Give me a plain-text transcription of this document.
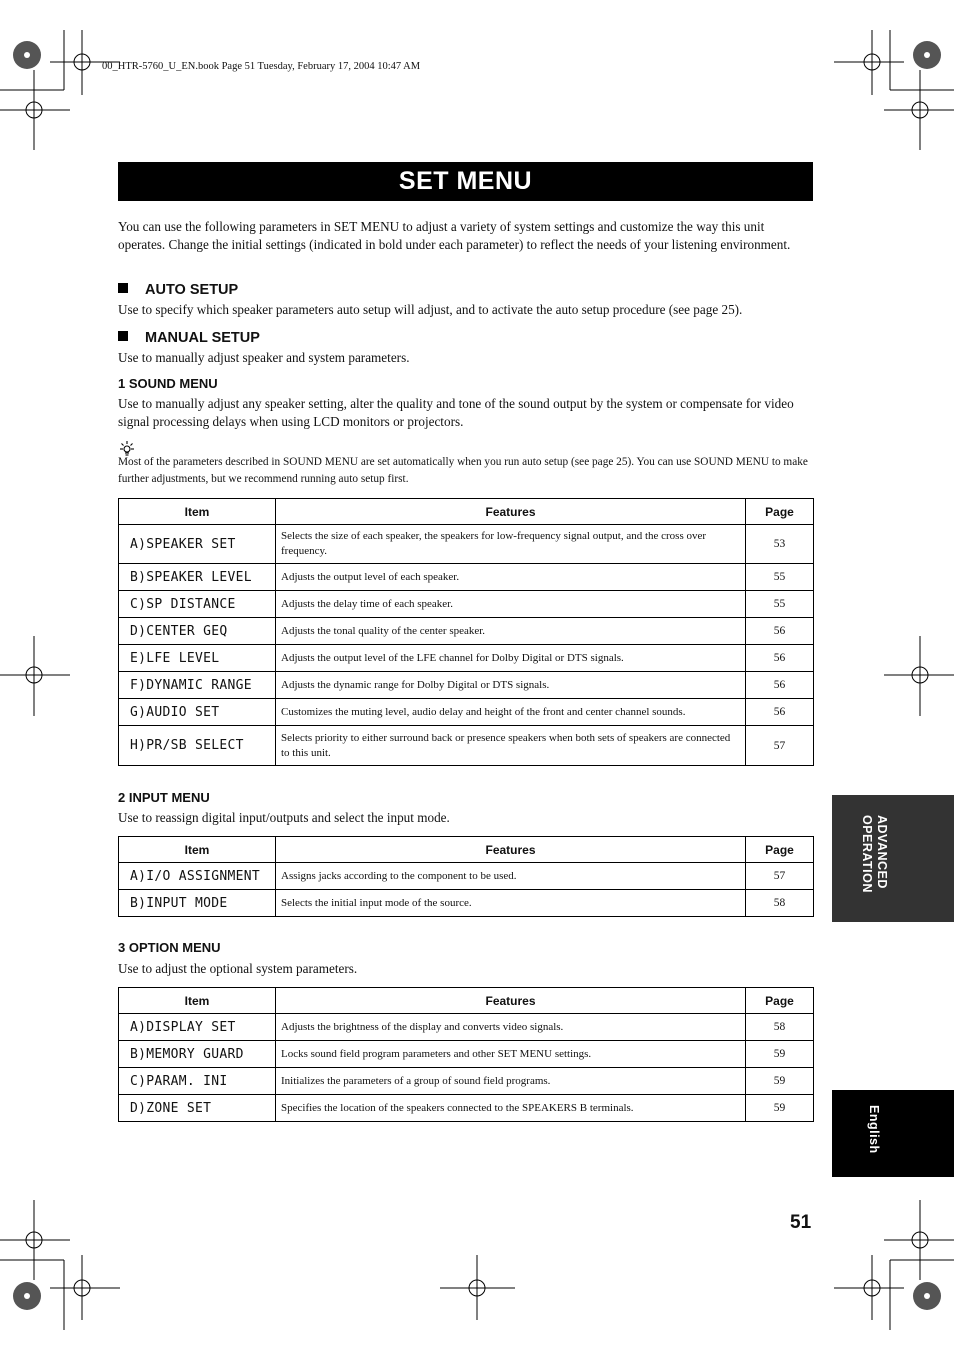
00_HTR-5760_U_EN.book Page 51 Tuesday, February 17, 2004 10:47 AM
SET MENU
You can use the following parameters in SET MENU to adjust a variety of system settings and customize the way this unit operates. Change the initial settings (indicated in bold under each parameter) to reflect the needs of your listening environment.
AUTO SETUP
Use to specify which speaker parameters auto setup will adjust, and to activate the auto setup procedure (see page 25).
MANUAL SETUP
Use to manually adjust speaker and system parameters.
1 SOUND MENU
Use to manually adjust any speaker setting, alter the quality and tone of the sound output by the system or compensate for video signal processing delays when using LCD monitors or projectors.
Most of the parameters described in SOUND MENU are set automatically when you run auto setup (see page 25). You can use SOUND MENU to make further adjustments, but we recommend running auto setup first.
Item	Features	Page
A)SPEAKER SET	Selects the size of each speaker, the speakers for low-frequency signal output, and the cross over frequency.	53
B)SPEAKER LEVEL	Adjusts the output level of each speaker.	55
C)SP DISTANCE	Adjusts the delay time of each speaker.	55
D)CENTER GEQ	Adjusts the tonal quality of the center speaker.	56
E)LFE LEVEL	Adjusts the output level of the LFE channel for Dolby Digital or DTS signals.	56
F)DYNAMIC RANGE	Adjusts the dynamic range for Dolby Digital or DTS signals.	56
G)AUDIO SET	Customizes the muting level, audio delay and height of the front and center channel sounds.	56
H)PR/SB SELECT	Selects priority to either surround back or presence speakers when both sets of speakers are connected to this unit.	57
2 INPUT MENU
Use to reassign digital input/outputs and select the input mode.
Item	Features	Page
A)I/O ASSIGNMENT	Assigns jacks according to the component to be used.	57
B)INPUT MODE	Selects the initial input mode of the source.	58
3 OPTION MENU
Use to adjust the optional system parameters.
Item	Features	Page
A)DISPLAY SET	Adjusts the brightness of the display and converts video signals.	58
B)MEMORY GUARD	Locks sound field program parameters and other SET MENU settings.	59
C)PARAM. INI	Initializes the parameters of a group of sound field programs.	59
D)ZONE SET	Specifies the location of the speakers connected to the SPEAKERS B terminals.	59
ADVANCED
OPERATION
English
51
